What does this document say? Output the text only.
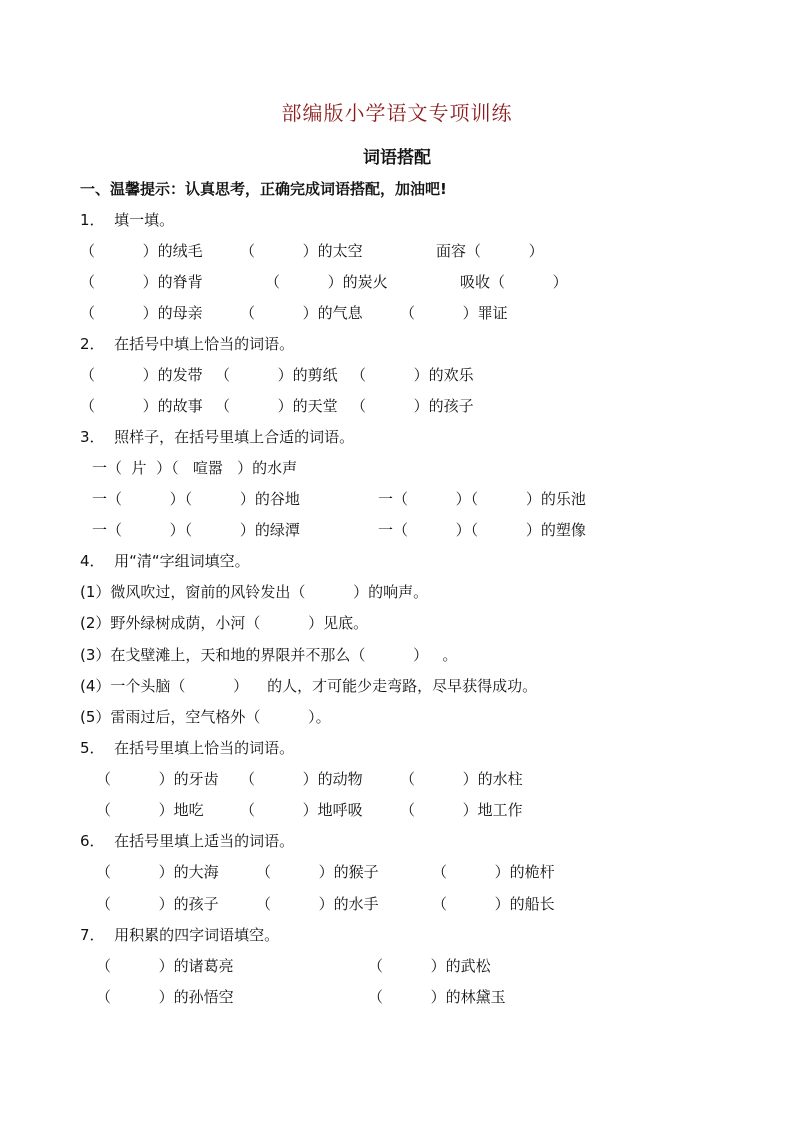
部编版小学语文专项训练
词语搭配
一、温馨提示：认真思考，正确完成词语搭配，加油吧!
1．  填一填。
（          ）的绒毛 （          ）的太空	面容（          ）
（          ）的脊背	（          ）的炭火	吸收（          ）
（          ）的母亲 （          ）的气息 （          ）罪证
2．  在括号中填上恰当的词语。
（          ）的发带 （          ）的剪纸 （          ）的欢乐
（          ）的故事 （          ）的天堂 （          ）的孩子
3．  照样子，在括号里填上合适的词语。
一（  片  ）（   喧嚣   ）的水声
一（          ）（          ）的谷地	一（          ）（          ）的乐池
一（          ）（          ）的绿潭	一（          ）（          ）的塑像
4．  用“清“字组词填空。
(1）微风吹过，窗前的风铃发出（          ）的响声。
(2）野外绿树成荫，小河（          ）见底。
(3）在戈壁滩上，天和地的界限并不那么（          ）   。
(4）一个头脑（          ）    的人，才可能少走弯路，尽早获得成功。
(5）雷雨过后，空气格外（          ）。
5．  在括号里填上恰当的词语。
（          ）的牙齿 （          ）的动物 （          ）的水柱
（          ）地吃 （          ）地呼吸 （          ）地工作
6．  在括号里填上适当的词语。
（          ）的大海 （          ）的猴子	（          ）的桅杆
（          ）的孩子 （          ）的水手	（          ）的船长
7．  用积累的四字词语填空。
（          ）的诸葛亮	（          ）的武松
（          ）的孙悟空	（          ）的林黛玉
